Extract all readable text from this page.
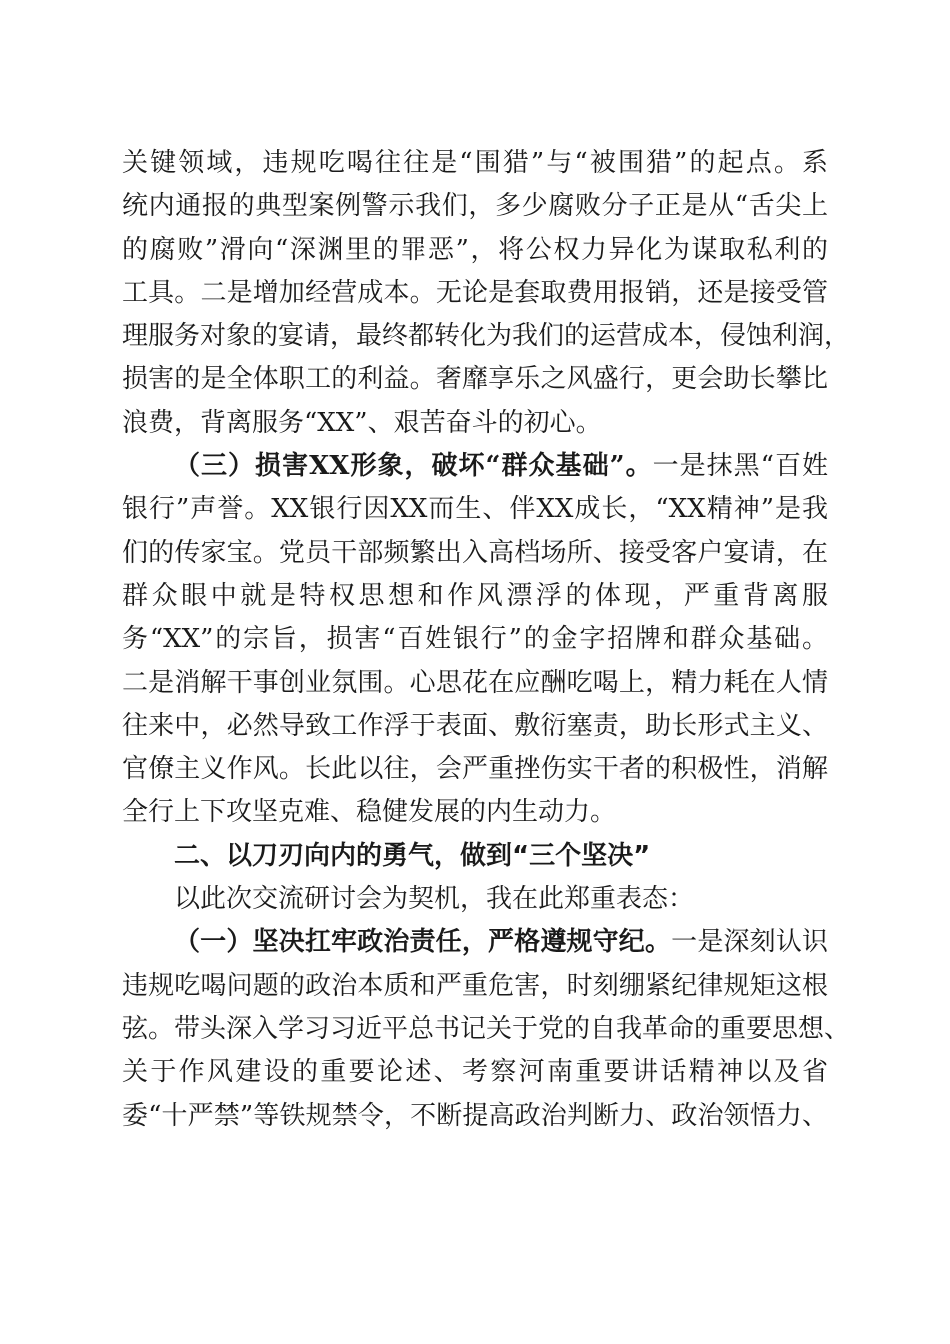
关键领域，违规吃喝往往是“围猎”与“被围猎”的起点。系
统内通报的典型案例警示我们，多少腐败分子正是从“舌尖上
的腐败”滑向“深渊里的罪恶”，将公权力异化为谋取私利的
工具。二是增加经营成本。无论是套取费用报销，还是接受管
理服务对象的宴请，最终都转化为我们的运营成本，侵蚀利润，
损害的是全体职工的利益。奢靡享乐之风盛行，更会助长攀比
浪费，背离服务“XX”、艰苦奋斗的初心。
（三）损害XX形象，破坏“群众基础”。一是抹黑“百姓
银行”声誉。XX银行因XX而生、伴XX成长，“XX精神”是我
们的传家宝。党员干部频繁出入高档场所、接受客户宴请，在
群众眼中就是特权思想和作风漂浮的体现，严重背离服
务“XX”的宗旨，损害“百姓银行”的金字招牌和群众基础。
二是消解干事创业氛围。心思花在应酬吃喝上，精力耗在人情
往来中，必然导致工作浮于表面、敷衍塞责，助长形式主义、
官僚主义作风。长此以往，会严重挫伤实干者的积极性，消解
全行上下攻坚克难、稳健发展的内生动力。
二、以刀刃向内的勇气，做到“三个坚决”
以此次交流研讨会为契机，我在此郑重表态：
（一）坚决扛牢政治责任，严格遵规守纪。一是深刻认识
违规吃喝问题的政治本质和严重危害，时刻绷紧纪律规矩这根
弦。带头深入学习习近平总书记关于党的自我革命的重要思想、
关于作风建设的重要论述、考察河南重要讲话精神以及省
委“十严禁”等铁规禁令，不断提高政治判断力、政治领悟力、
